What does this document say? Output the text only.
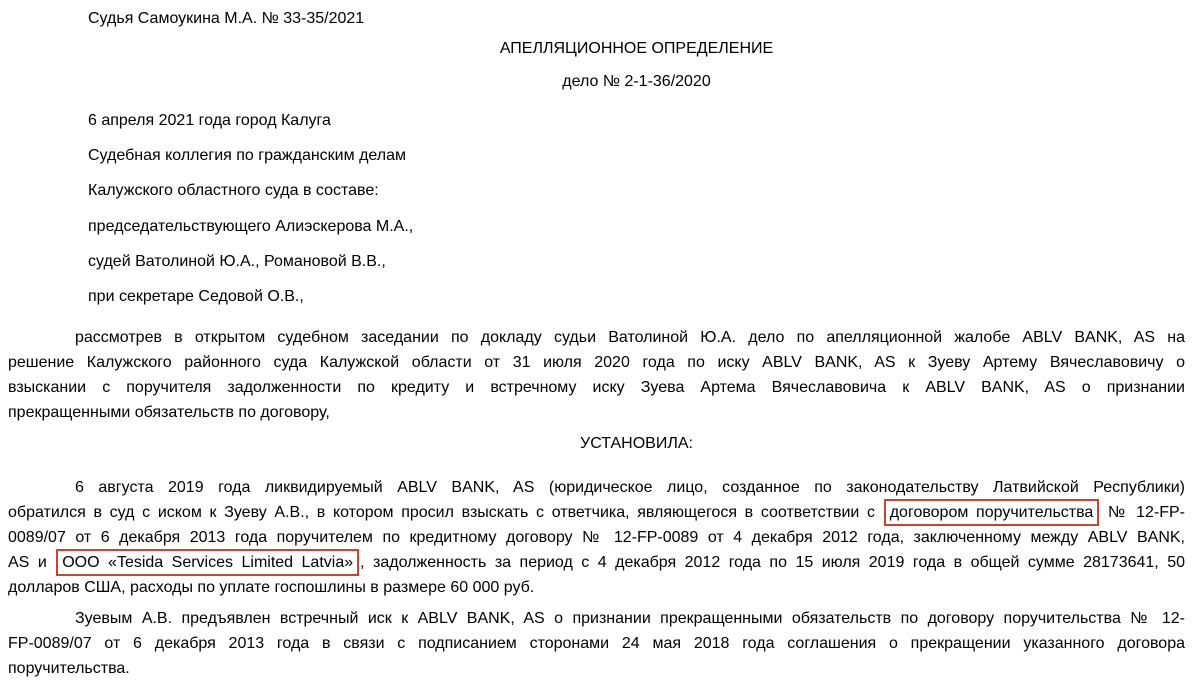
Судья Самоукина М.А. № 33-35/2021

АПЕЛЛЯЦИОННОЕ ОПРЕДЕЛЕНИЕ

дело № 2-1-36/2020

6 апреля 2021 года город Калуга

Судебная коллегия по гражданским делам

Калужского областного суда в составе:

председательствующего Алиэскерова М.А.,

судей Ватолиной Ю.А., Романовой В.В.,

при секретаре Седовой О.В.,

рассмотрев в открытом судебном заседании по докладу судьи Ватолиной Ю.А. дело по апелляционной жалобе ABLV BANK, AS на
решение Калужского районного суда Калужской области от 31 июля 2020 года по иску ABLV BANK, AS к Зуеву Артему Вячеславовичу о
взыскании с поручителя задолженности по кредиту и встречному иску Зуева Артема Вячеславовича к ABLV BANK, AS о признании
прекращенными обязательств по договору,

УСТАНОВИЛА:

6 августа 2019 года ликвидируемый ABLV BANK, AS (юридическое лицо, созданное по законодательству Латвийской Республики)
обратился в суд с иском к Зуеву А.В., в котором просил взыскать с ответчика, являющегося в соответствии с договором поручительства № 12-FP-
0089/07 от 6 декабря 2013 года поручителем по кредитному договору № 12-FP-0089 от 4 декабря 2012 года, заключенному между ABLV BANK,
AS и ООО «Tesida Services Limited Latvia» , задолженность за период с 4 декабря 2012 года по 15 июля 2019 года в общей сумме 28173641, 50
долларов США, расходы по уплате госпошлины в размере 60 000 руб.
Зуевым А.В. предъявлен встречный иск к ABLV BANK, AS о признании прекращенными обязательств по договору поручительства № 12-
FP-0089/07 от 6 декабря 2013 года в связи с подписанием сторонами 24 мая 2018 года соглашения о прекращении указанного договора
поручительства.
